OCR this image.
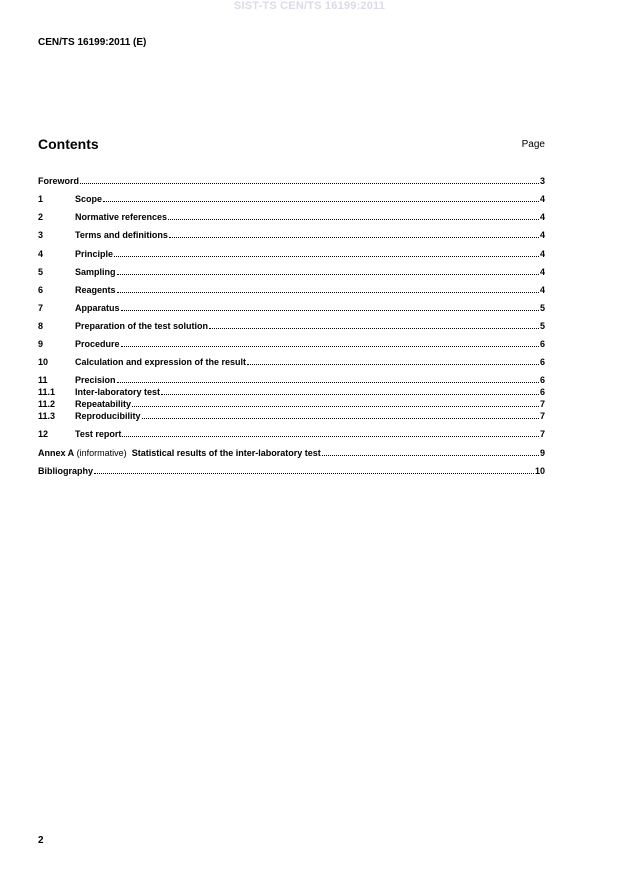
SIST-TS CEN/TS 16199:2011
CEN/TS 16199:2011 (E)
Contents	Page
Foreword	3
1	Scope	4
2	Normative references	4
3	Terms and definitions	4
4	Principle	4
5	Sampling	4
6	Reagents	4
7	Apparatus	5
8	Preparation of the test solution	5
9	Procedure	6
10	Calculation and expression of the result	6
11	Precision	6
11.1	Inter-laboratory test	6
11.2	Repeatability	7
11.3	Reproducibility	7
12	Test report	7
Annex A (informative)  Statistical results of the inter-laboratory test	9
Bibliography	10
2
